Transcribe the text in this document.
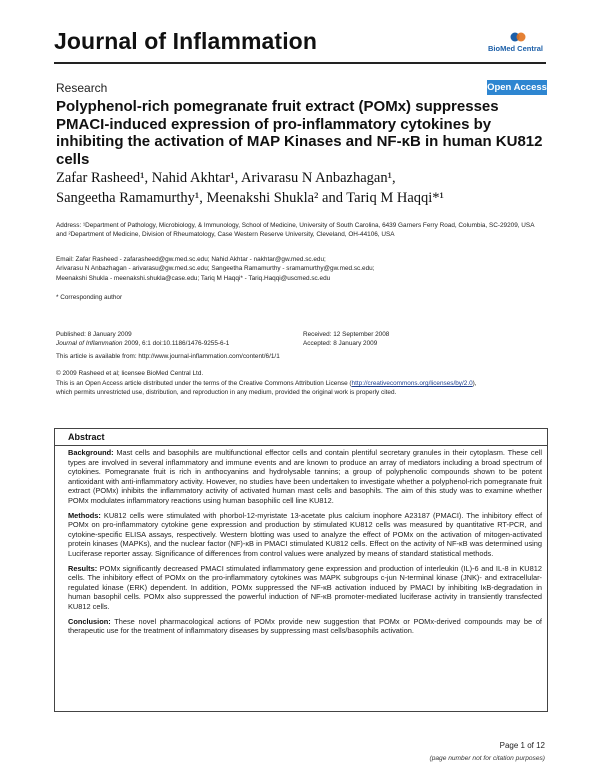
Journal of Inflammation	BioMed Central
Research	Open Access
Polyphenol-rich pomegranate fruit extract (POMx) suppresses PMACI-induced expression of pro-inflammatory cytokines by inhibiting the activation of MAP Kinases and NF-κB in human KU812 cells
Zafar Rasheed¹, Nahid Akhtar¹, Arivarasu N Anbazhagan¹,
Sangeetha Ramamurthy¹, Meenakshi Shukla² and Tariq M Haqqi*¹
Address: ¹Department of Pathology, Microbiology, & Immunology, School of Medicine, University of South Carolina, 6439 Garners Ferry Road, Columbia, SC-29209, USA and ²Department of Medicine, Division of Rheumatology, Case Western Reserve University, Cleveland, OH-44106, USA
Email: Zafar Rasheed - zafarasheed@gw.med.sc.edu; Nahid Akhtar - nakhtar@gw.med.sc.edu;
Arivarasu N Anbazhagan - arivarasu@gw.med.sc.edu; Sangeetha Ramamurthy - sramamurthy@gw.med.sc.edu;
Meenakshi Shukla - meenakshi.shukla@case.edu; Tariq M Haqqi* - Tariq.Haqqi@uscmed.sc.edu
* Corresponding author
Published: 8 January 2009
Journal of Inflammation 2009, 6:1 doi:10.1186/1476-9255-6-1
Received: 12 September 2008
Accepted: 8 January 2009
This article is available from: http://www.journal-inflammation.com/content/6/1/1
© 2009 Rasheed et al; licensee BioMed Central Ltd.
This is an Open Access article distributed under the terms of the Creative Commons Attribution License (http://creativecommons.org/licenses/by/2.0),
which permits unrestricted use, distribution, and reproduction in any medium, provided the original work is properly cited.
Abstract

Background: Mast cells and basophils are multifunctional effector cells and contain plentiful secretary granules in their cytoplasm. These cell types are involved in several inflammatory and immune events and are known to produce an array of mediators including a broad spectrum of cytokines. Pomegranate fruit is rich in anthocyanins and hydrolysable tannins; a group of polyphenolic compounds shown to be potent antioxidant with anti-inflammatory activity. However, no studies have been undertaken to investigate whether a polyphenol-rich pomegranate fruit extract (POMx) inhibits the inflammatory activity of activated human mast cells and basophils. The aim of this study was to examine whether POMx modulates inflammatory reactions using human basophilic cell line KU812.

Methods: KU812 cells were stimulated with phorbol-12-myristate 13-acetate plus calcium inophore A23187 (PMACI). The inhibitory effect of POMx on pro-inflammatory cytokine gene expression and production by stimulated KU812 cells was measured by quantitative RT-PCR, and cytokine-specific ELISA assays, respectively. Western blotting was used to analyze the effect of POMx on the activation of mitogen-activated protein kinases (MAPKs), and the nuclear factor (NF)-κB in PMACI stimulated KU812 cells. Effect on the activity of NF-κB was determined using Luciferase reporter assay. Significance of differences from control values were analyzed by means of standard statistical methods.

Results: POMx significantly decreased PMACI stimulated inflammatory gene expression and production of interleukin (IL)-6 and IL-8 in KU812 cells. The inhibitory effect of POMx on the pro-inflammatory cytokines was MAPK subgroups c-jun N-terminal kinase (JNK)- and extracellular-regulated kinase (ERK) dependent. In addition, POMx suppressed the NF-κB activation induced by PMACI by inhibiting IκB-degradation in human basophil cells. POMx also suppressed the powerful induction of NF-κB promoter-mediated luciferase activity in transiently transfected KU812 cells.

Conclusion: These novel pharmacological actions of POMx provide new suggestion that POMx or POMx-derived compounds may be of therapeutic use for the treatment of inflammatory diseases by suppressing mast cells/basophils activation.

Page 1 of 12
(page number not for citation purposes)
